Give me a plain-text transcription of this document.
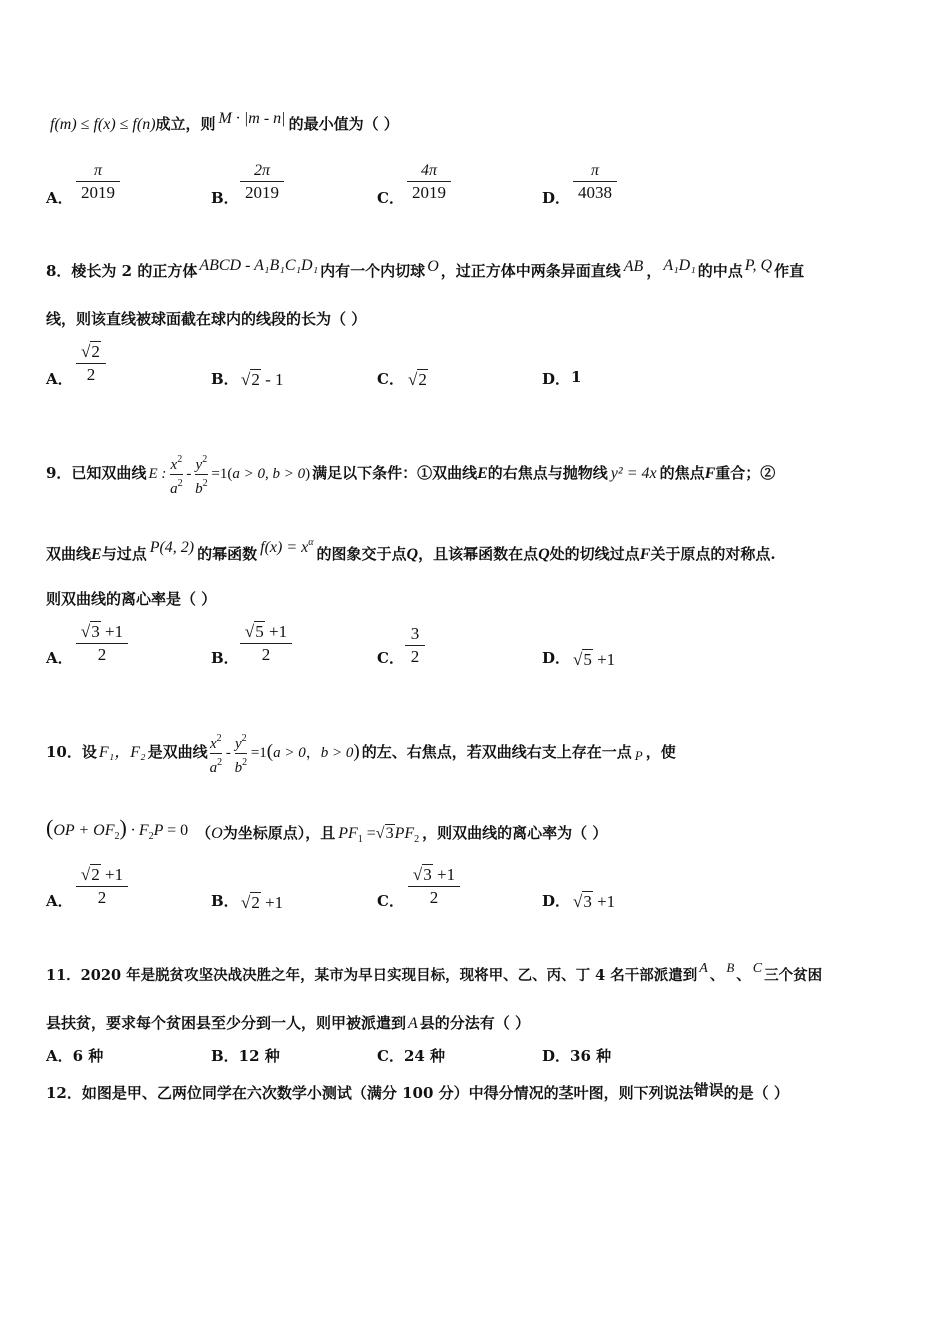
f(m) ≤ f(x) ≤ f(n)成立，则 M · |m - n| 的最小值为（ ）
A． $\frac{\pi}{2019}$	B． $\frac{2\pi}{2019}$	C． $\frac{4\pi}{2019}$	D． $\frac{\pi}{4038}$
8．棱长为 2 的正方体 ABCD - A₁B₁C₁D₁ 内有一个内切球 O ，过正方体中两条异面直线 AB ， A₁D₁ 的中点 P, Q 作直
线，则该直线被球面截在球内的线段的长为（ ）
A． √ $\frac{2}{2}$	B． √ 2 - 1	C． √ 2	D． 1
9．已知双曲线 E : $\frac{x^2}{a^2} - \frac{y^2}{b^2} =1(a > 0$, b > 0) 满足以下条件：①双曲线E的右焦点与抛物线 y² = 4x 的焦点F重合；②
双曲线E与过点 P(4, 2) 的幂函数 $f(x) = x^\alpha$的图象交于点Q，且该幂函数在点Q处的切线过点F关于原点的对称点.
则双曲线的离心率是（ ）
A． √ $\frac{3 +1}{2}$	B． √ $\frac{5 +1}{2}$	C． $\frac{3}{2}$	D． √ 5 +1
10．设 F₁，F₂ 是双曲线 $\frac{x^2}{a^2} - \frac{y^2}{b^2} =1(a > 0$，b > 0) 的左、右焦点，若双曲线右支上存在一点 P ，使
$(OP + OF_2) \cdot F_2P = 0$ （O为坐标原点），且 $PF_1$ = √ $3PF_2$ ，则双曲线的离心率为（ ）
A． √ $\frac{2 +1}{2}$	B． √ 2 +1	C． √ $\frac{3 +1}{2}$	D． √ 3 +1
11．2020 年是脱贫攻坚决战决胜之年，某市为早日实现目标，现将甲、乙、丙、丁 4 名干部派遣到 A 、 B 、 C 三个贫困
县扶贫，要求每个贫困县至少分到一人，则甲被派遣到 A 县的分法有（ ）
A．6 种	B．12 种	C．24 种	D．36 种
12．如图是甲、乙两位同学在六次数学小测试（满分 100 分）中得分情况的茎叶图，则下列说法错误的是（ ）
